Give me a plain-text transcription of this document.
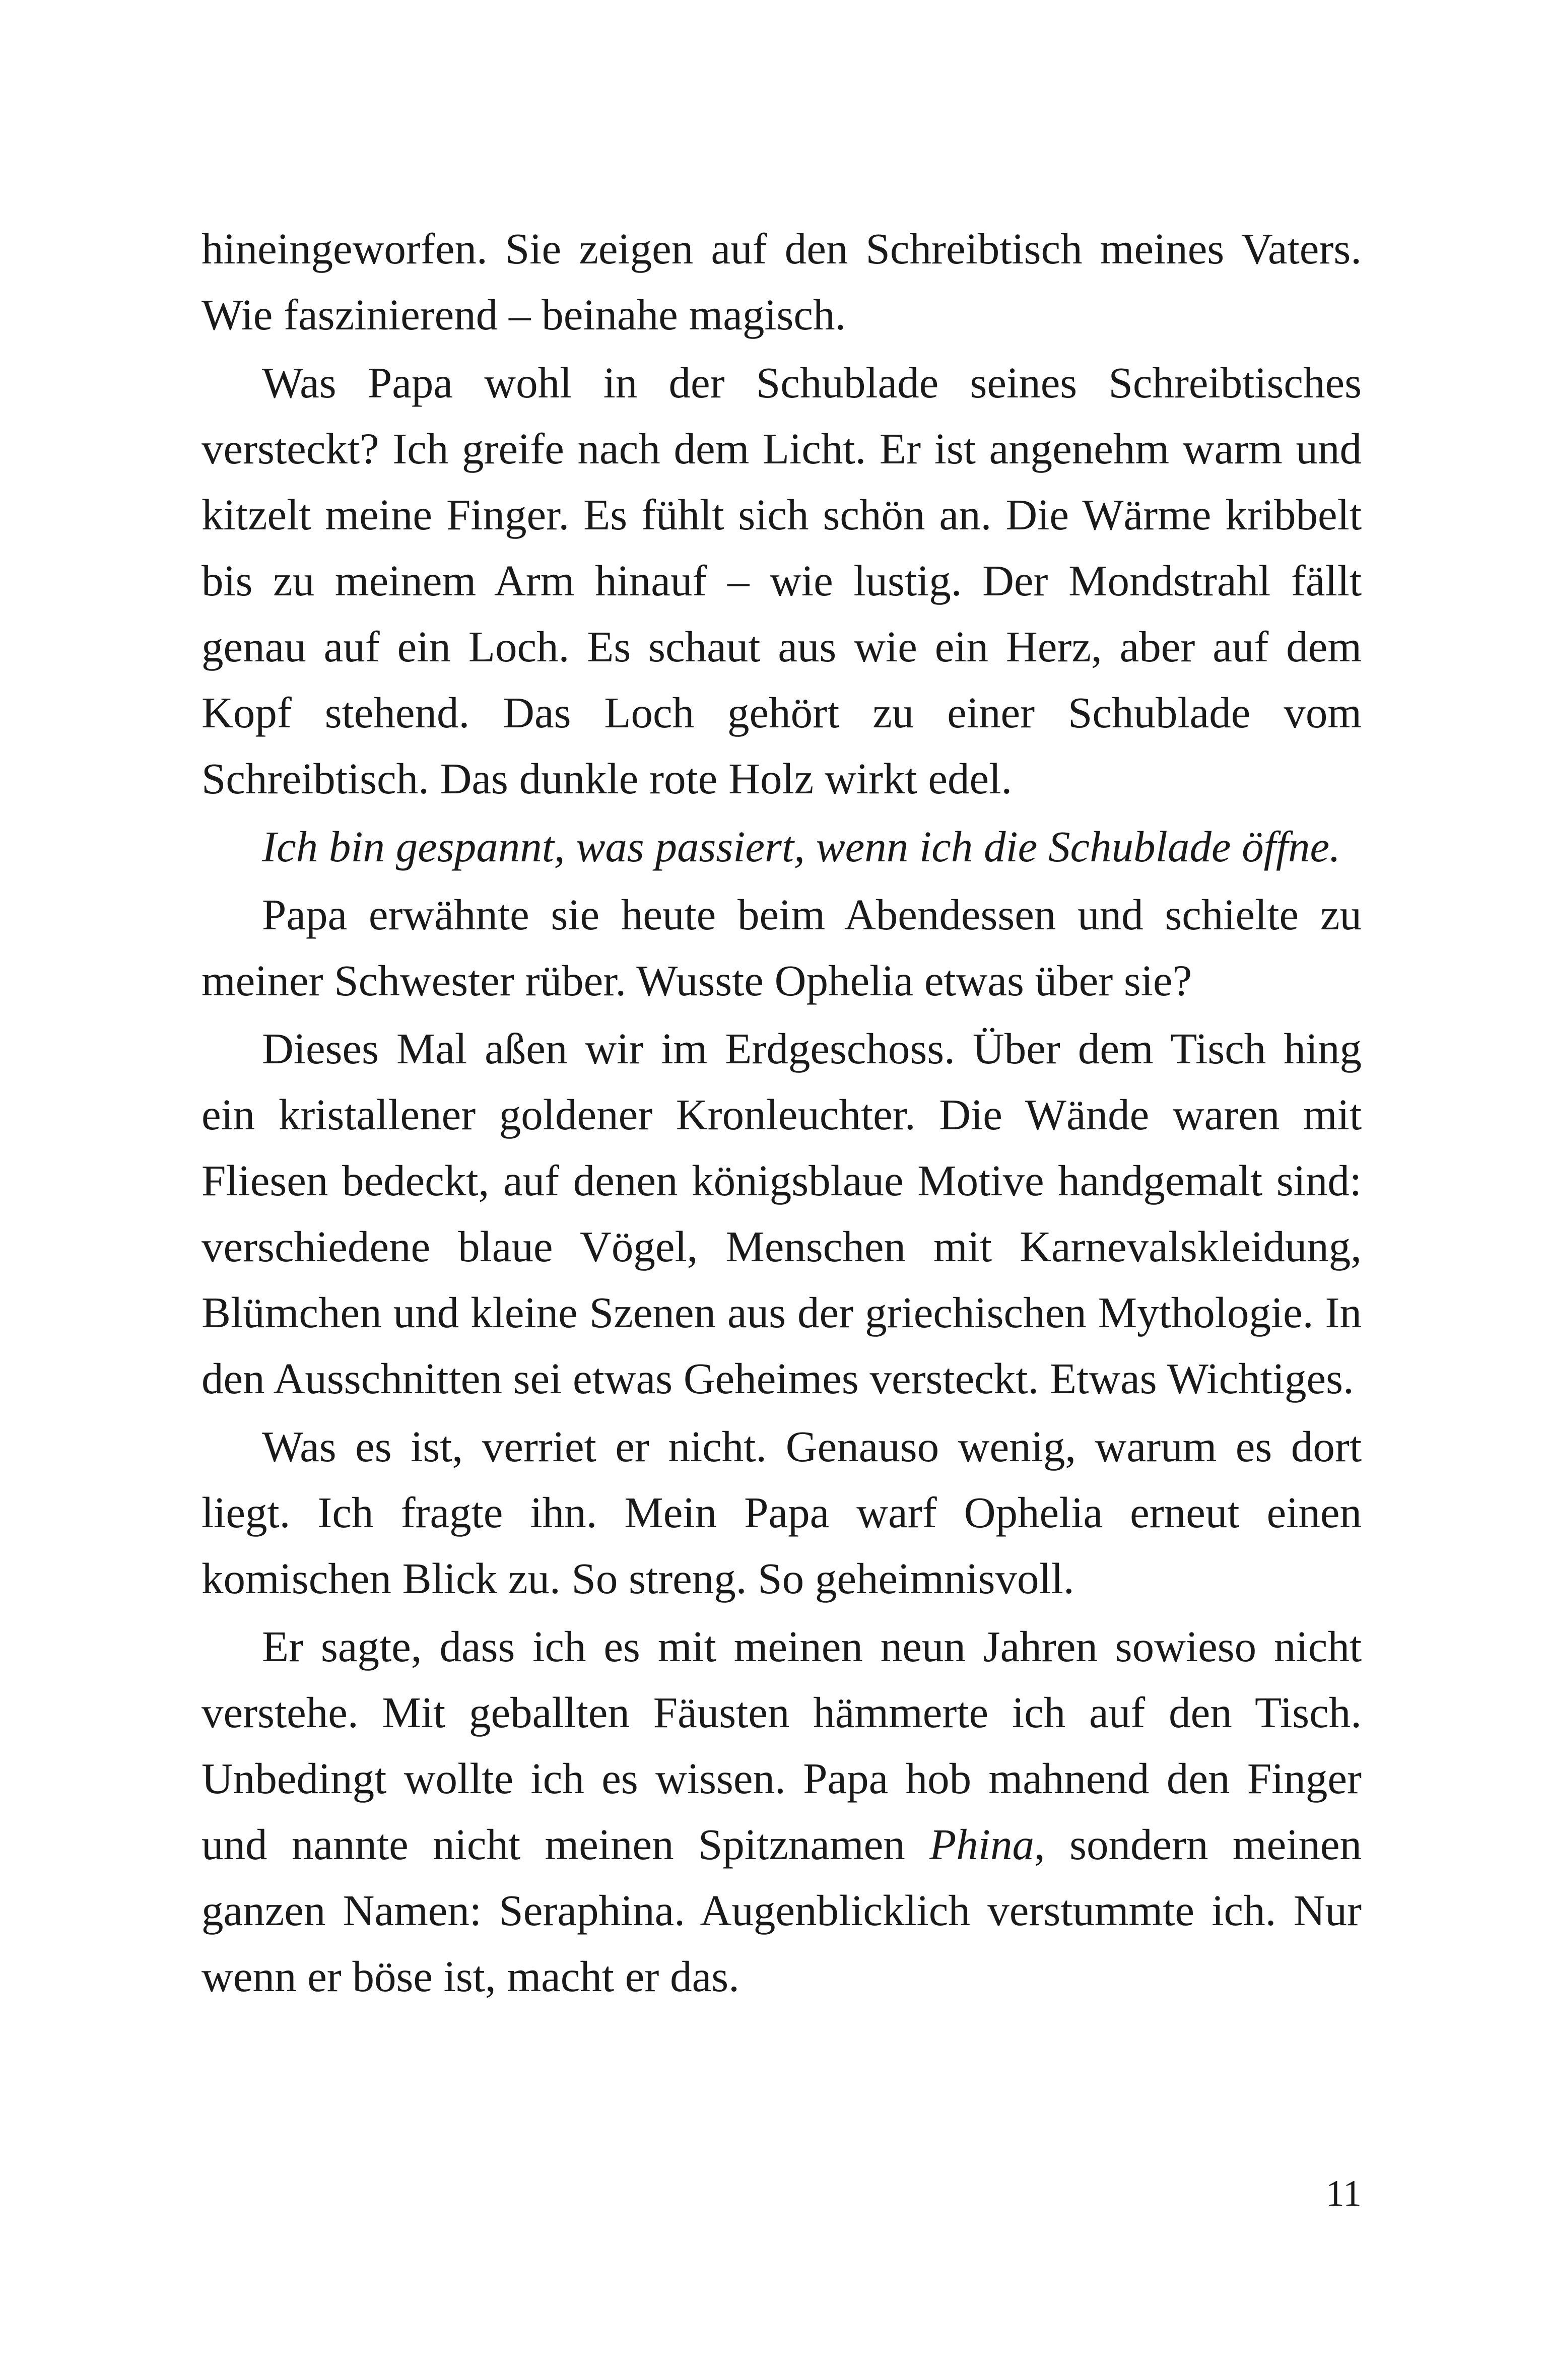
hineingeworfen. Sie zeigen auf den Schreibtisch meines Vaters. Wie faszinierend – beinahe magisch.

Was Papa wohl in der Schublade seines Schreibtisches versteckt? Ich greife nach dem Licht. Er ist angenehm warm und kitzelt meine Finger. Es fühlt sich schön an. Die Wärme kribbelt bis zu meinem Arm hinauf – wie lustig. Der Mondstrahl fällt genau auf ein Loch. Es schaut aus wie ein Herz, aber auf dem Kopf stehend. Das Loch gehört zu einer Schublade vom Schreibtisch. Das dunkle rote Holz wirkt edel.

Ich bin gespannt, was passiert, wenn ich die Schublade öffne.

Papa erwähnte sie heute beim Abendessen und schielte zu meiner Schwester rüber. Wusste Ophelia etwas über sie?

Dieses Mal aßen wir im Erdgeschoss. Über dem Tisch hing ein kristallener goldener Kronleuchter. Die Wände waren mit Fliesen bedeckt, auf denen königsblaue Motive handgemalt sind: verschiedene blaue Vögel, Menschen mit Karnevalskleidung, Blümchen und kleine Szenen aus der griechischen Mythologie. In den Ausschnitten sei etwas Geheimes versteckt. Etwas Wichtiges.

Was es ist, verriet er nicht. Genauso wenig, warum es dort liegt. Ich fragte ihn. Mein Papa warf Ophelia erneut einen komischen Blick zu. So streng. So geheimnisvoll.

Er sagte, dass ich es mit meinen neun Jahren sowieso nicht verstehe. Mit geballten Fäusten hämmerte ich auf den Tisch. Unbedingt wollte ich es wissen. Papa hob mahnend den Finger und nannte nicht meinen Spitznamen Phina, sondern meinen ganzen Namen: Seraphina. Augenblicklich verstummte ich. Nur wenn er böse ist, macht er das.

11
